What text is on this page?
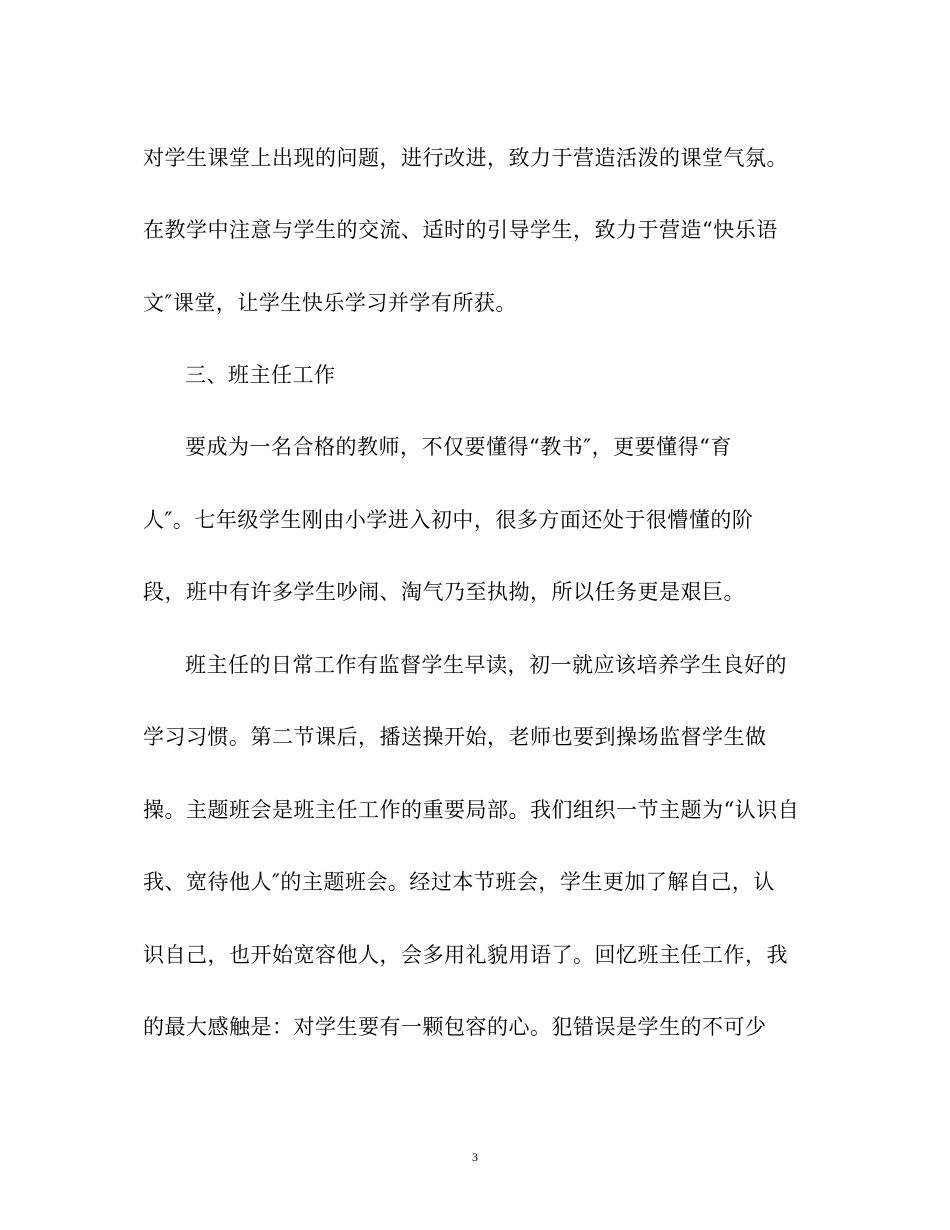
对学生课堂上出现的问题，进行改进，致力于营造活泼的课堂气氛。
在教学中注意与学生的交流、适时的引导学生，致力于营造“快乐语
文″课堂，让学生快乐学习并学有所获。
三、班主任工作
要成为一名合格的教师，不仅要懂得“教书″，更要懂得“育
人″。七年级学生刚由小学进入初中，很多方面还处于很懵懂的阶
段，班中有许多学生吵闹、淘气乃至执拗，所以任务更是艰巨。
班主任的日常工作有监督学生早读，初一就应该培养学生良好的
学习习惯。第二节课后，播送操开始，老师也要到操场监督学生做
操。主题班会是班主任工作的重要局部。我们组织一节主题为“认识自
我、宽待他人″的主题班会。经过本节班会，学生更加了解自己，认
识自己，也开始宽容他人，会多用礼貌用语了。回忆班主任工作，我
的最大感触是：对学生要有一颗包容的心。犯错误是学生的不可少
3
